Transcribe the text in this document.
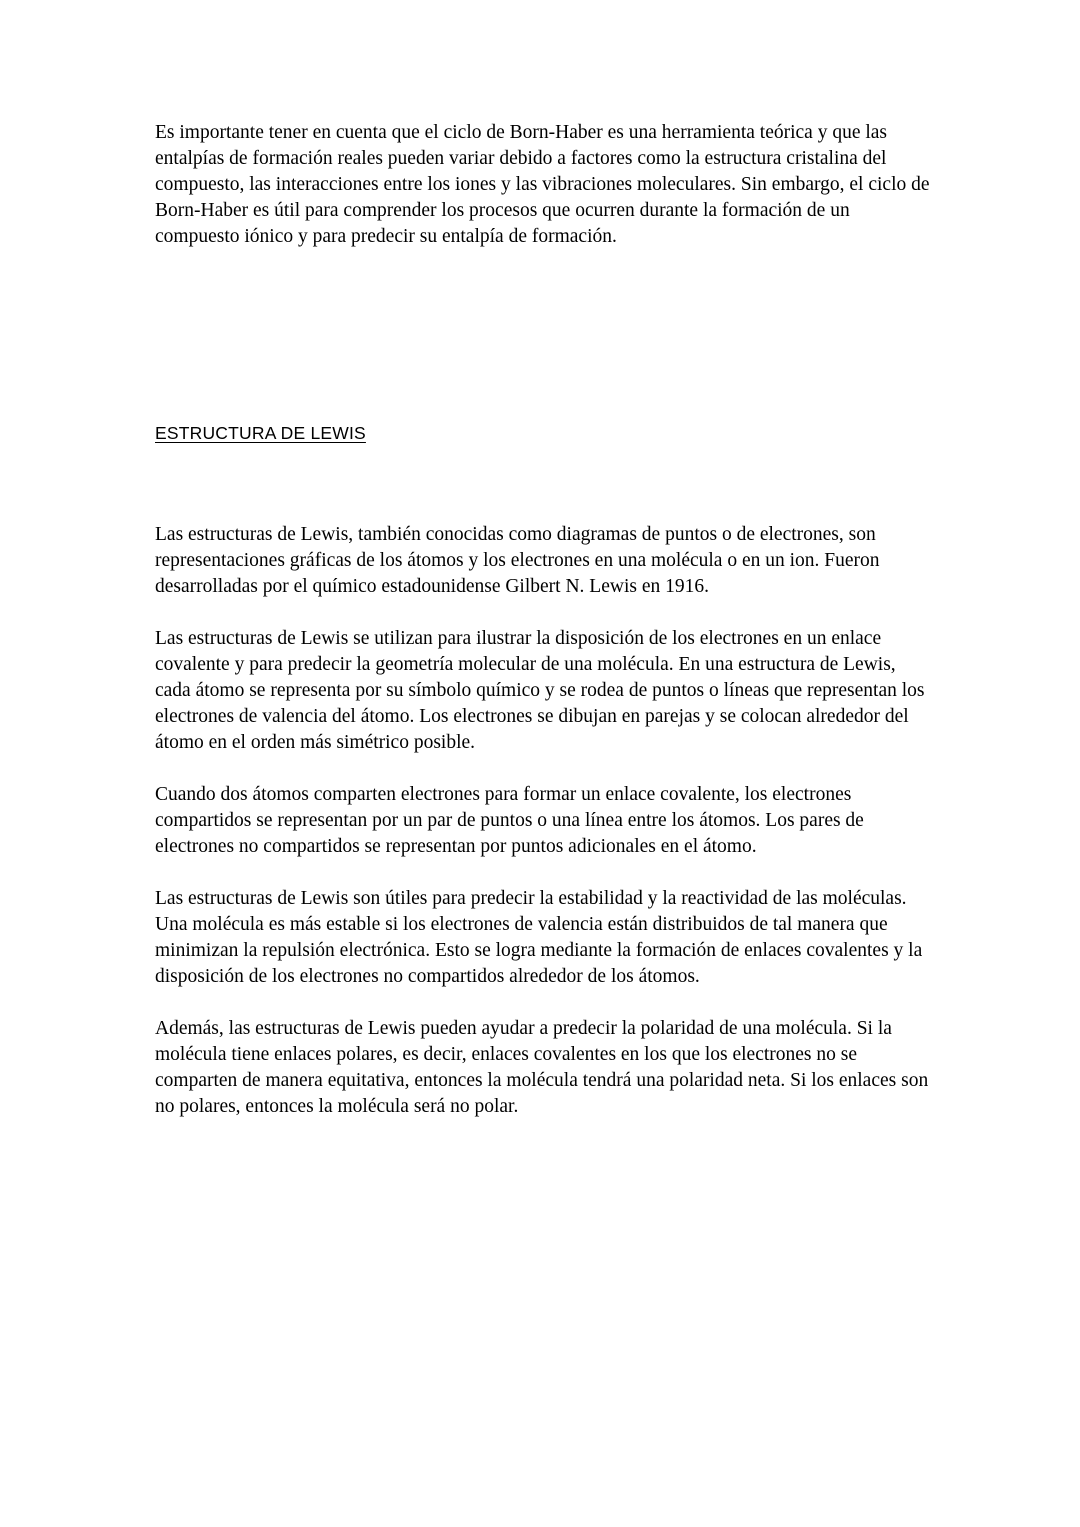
Es importante tener en cuenta que el ciclo de Born-Haber es una herramienta teórica y que las entalpías de formación reales pueden variar debido a factores como la estructura cristalina del compuesto, las interacciones entre los iones y las vibraciones moleculares. Sin embargo, el ciclo de Born-Haber es útil para comprender los procesos que ocurren durante la formación de un compuesto iónico y para predecir su entalpía de formación.

ESTRUCTURA DE LEWIS

Las estructuras de Lewis, también conocidas como diagramas de puntos o de electrones, son representaciones gráficas de los átomos y los electrones en una molécula o en un ion. Fueron desarrolladas por el químico estadounidense Gilbert N. Lewis en 1916.

Las estructuras de Lewis se utilizan para ilustrar la disposición de los electrones en un enlace covalente y para predecir la geometría molecular de una molécula. En una estructura de Lewis, cada átomo se representa por su símbolo químico y se rodea de puntos o líneas que representan los electrones de valencia del átomo. Los electrones se dibujan en parejas y se colocan alrededor del átomo en el orden más simétrico posible.

Cuando dos átomos comparten electrones para formar un enlace covalente, los electrones compartidos se representan por un par de puntos o una línea entre los átomos. Los pares de electrones no compartidos se representan por puntos adicionales en el átomo.

Las estructuras de Lewis son útiles para predecir la estabilidad y la reactividad de las moléculas. Una molécula es más estable si los electrones de valencia están distribuidos de tal manera que minimizan la repulsión electrónica. Esto se logra mediante la formación de enlaces covalentes y la disposición de los electrones no compartidos alrededor de los átomos.

Además, las estructuras de Lewis pueden ayudar a predecir la polaridad de una molécula. Si la molécula tiene enlaces polares, es decir, enlaces covalentes en los que los electrones no se comparten de manera equitativa, entonces la molécula tendrá una polaridad neta. Si los enlaces son no polares, entonces la molécula será no polar.
